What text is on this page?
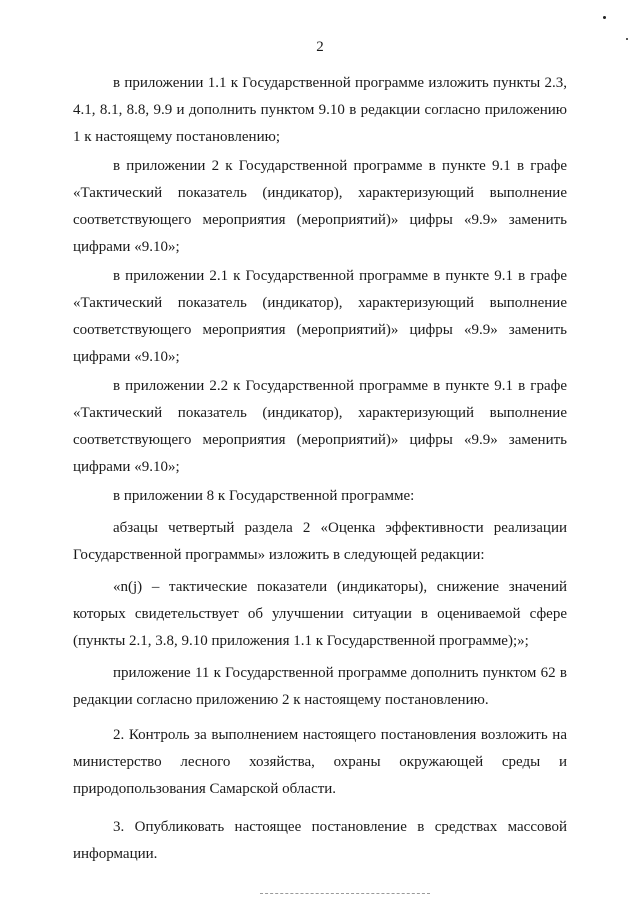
2

в приложении 1.1 к Государственной программе изложить пункты 2.3, 4.1, 8.1, 8.8, 9.9 и дополнить пунктом 9.10 в редакции согласно приложению 1 к настоящему постановлению;

в приложении 2 к Государственной программе в пункте 9.1 в графе «Тактический показатель (индикатор), характеризующий выполнение соответствующего мероприятия (мероприятий)» цифры «9.9» заменить цифрами «9.10»;

в приложении 2.1 к Государственной программе в пункте 9.1 в графе «Тактический показатель (индикатор), характеризующий выполнение соответствующего мероприятия (мероприятий)» цифры «9.9» заменить цифрами «9.10»;

в приложении 2.2 к Государственной программе в пункте 9.1 в графе «Тактический показатель (индикатор), характеризующий выполнение соответствующего мероприятия (мероприятий)» цифры «9.9» заменить цифрами «9.10»;

в приложении 8 к Государственной программе:

абзацы четвертый раздела 2 «Оценка эффективности реализации Государственной программы» изложить в следующей редакции:

«n(j) – тактические показатели (индикаторы), снижение значений которых свидетельствует об улучшении ситуации в оцениваемой сфере (пункты 2.1, 3.8, 9.10 приложения 1.1 к Государственной программе);»;

приложение 11 к Государственной программе дополнить пунктом 62 в редакции согласно приложению 2 к настоящему постановлению.

2. Контроль за выполнением настоящего постановления возложить на министерство лесного хозяйства, охраны окружающей среды и природопользования Самарской области.

3. Опубликовать настоящее постановление в средствах массовой информации.
